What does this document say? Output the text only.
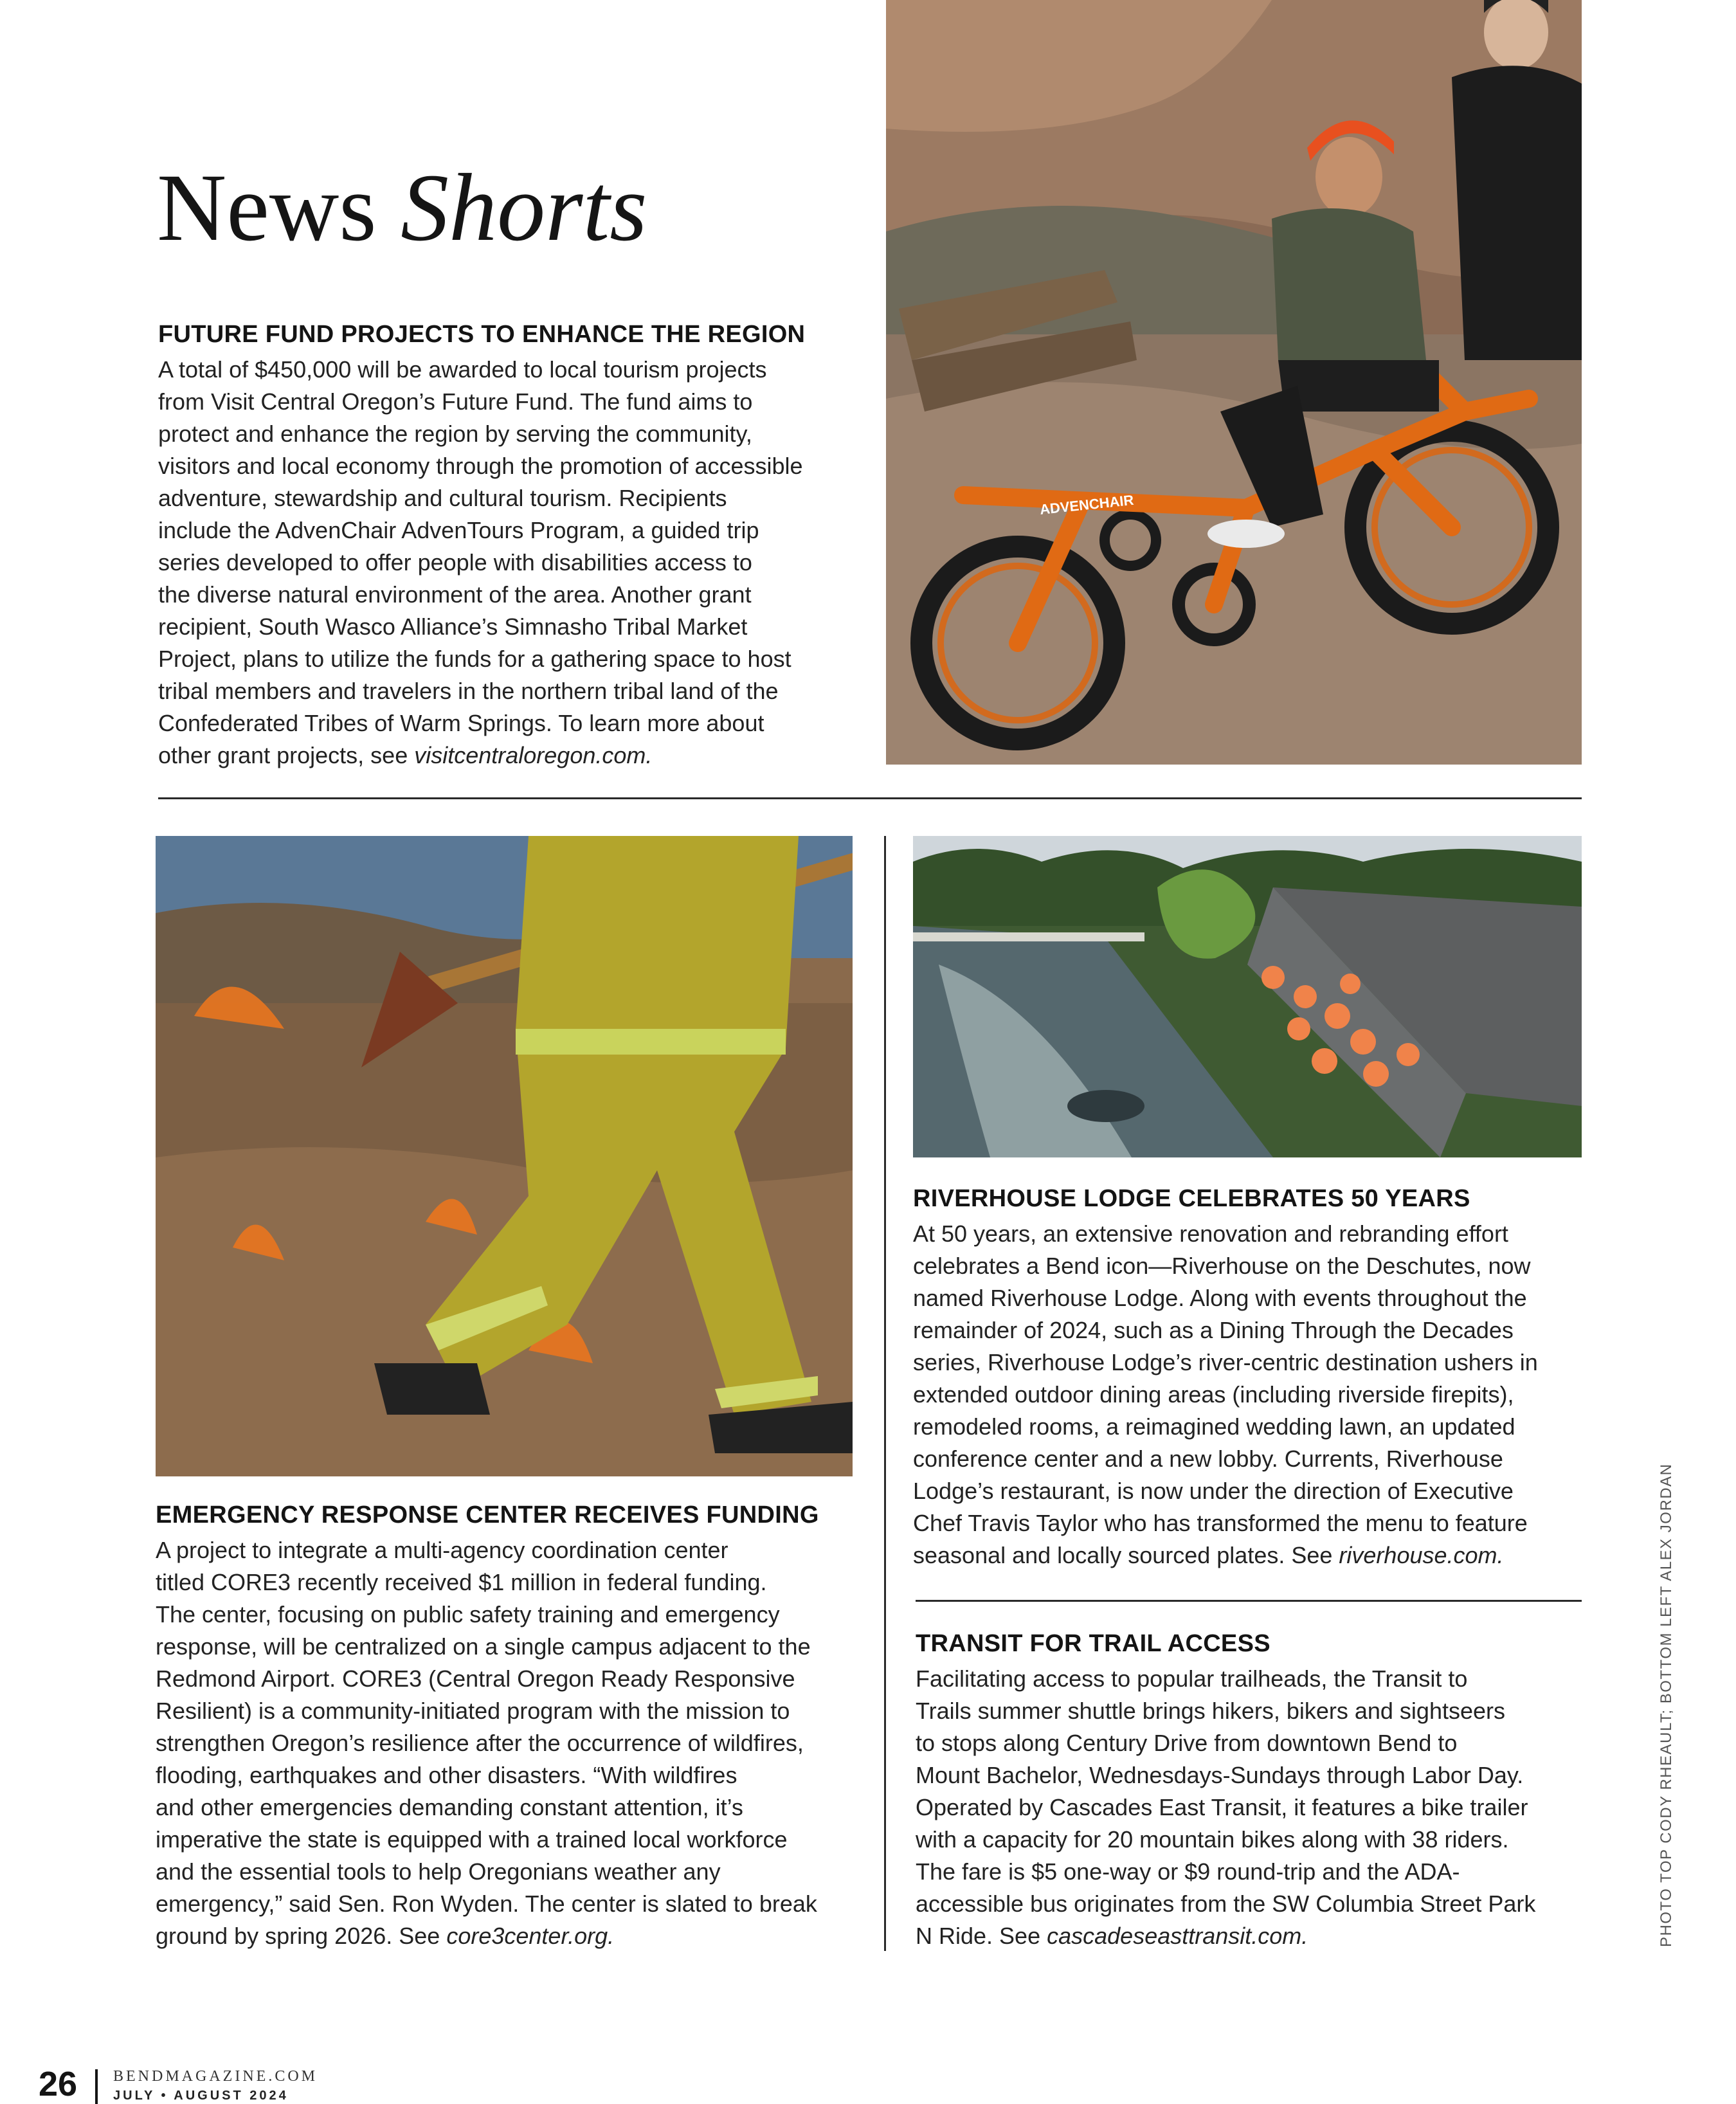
News Shorts
ADVENCHAIR
FUTURE FUND PROJECTS TO ENHANCE THE REGION

A total of $450,000 will be awarded to local tourism projects
from Visit Central Oregon’s Future Fund. The fund aims to
protect and enhance the region by serving the community,
visitors and local economy through the promotion of accessible
adventure, stewardship and cultural tourism. Recipients
include the AdvenChair AdvenTours Program, a guided trip
series developed to offer people with disabilities access to
the diverse natural environment of the area. Another grant
recipient, South Wasco Alliance’s Simnasho Tribal Market
Project, plans to utilize the funds for a gathering space to host
tribal members and travelers in the northern tribal land of the
Confederated Tribes of Warm Springs. To learn more about
other grant projects, see visitcentraloregon.com.

RIVERHOUSE LODGE CELEBRATES 50 YEARS

At 50 years, an extensive renovation and rebranding effort
celebrates a Bend icon—Riverhouse on the Deschutes, now
named Riverhouse Lodge. Along with events throughout the
remainder of 2024, such as a Dining Through the Decades
series, Riverhouse Lodge’s river-centric destination ushers in
extended outdoor dining areas (including riverside firepits),
remodeled rooms, a reimagined wedding lawn, an updated
conference center and a new lobby. Currents, Riverhouse
Lodge’s restaurant, is now under the direction of Executive
Chef Travis Taylor who has transformed the menu to feature
seasonal and locally sourced plates. See riverhouse.com.

EMERGENCY RESPONSE CENTER RECEIVES FUNDING

A project to integrate a multi-agency coordination center
titled CORE3 recently received $1 million in federal funding.
The center, focusing on public safety training and emergency
response, will be centralized on a single campus adjacent to the
Redmond Airport. CORE3 (Central Oregon Ready Responsive
Resilient) is a community-initiated program with the mission to
strengthen Oregon’s resilience after the occurrence of wildfires,
flooding, earthquakes and other disasters. “With wildfires
and other emergencies demanding constant attention, it’s
imperative the state is equipped with a trained local workforce
and the essential tools to help Oregonians weather any
emergency,” said Sen. Ron Wyden. The center is slated to break
ground by spring 2026. See core3center.org.

TRANSIT FOR TRAIL ACCESS

Facilitating access to popular trailheads, the Transit to
Trails summer shuttle brings hikers, bikers and sightseers
to stops along Century Drive from downtown Bend to
Mount Bachelor, Wednesdays-Sundays through Labor Day.
Operated by Cascades East Transit, it features a bike trailer
with a capacity for 20 mountain bikes along with 38 riders.
The fare is $5 one-way or $9 round-trip and the ADA-
accessible bus originates from the SW Columbia Street Park
N Ride. See cascadeseasttransit.com.	PHOTO TOP CODY RHEAULT; BOTTOM LEFT ALEX JORDAN
26 BENDMAGAZINE.COM
JULY • AUGUST 2024
